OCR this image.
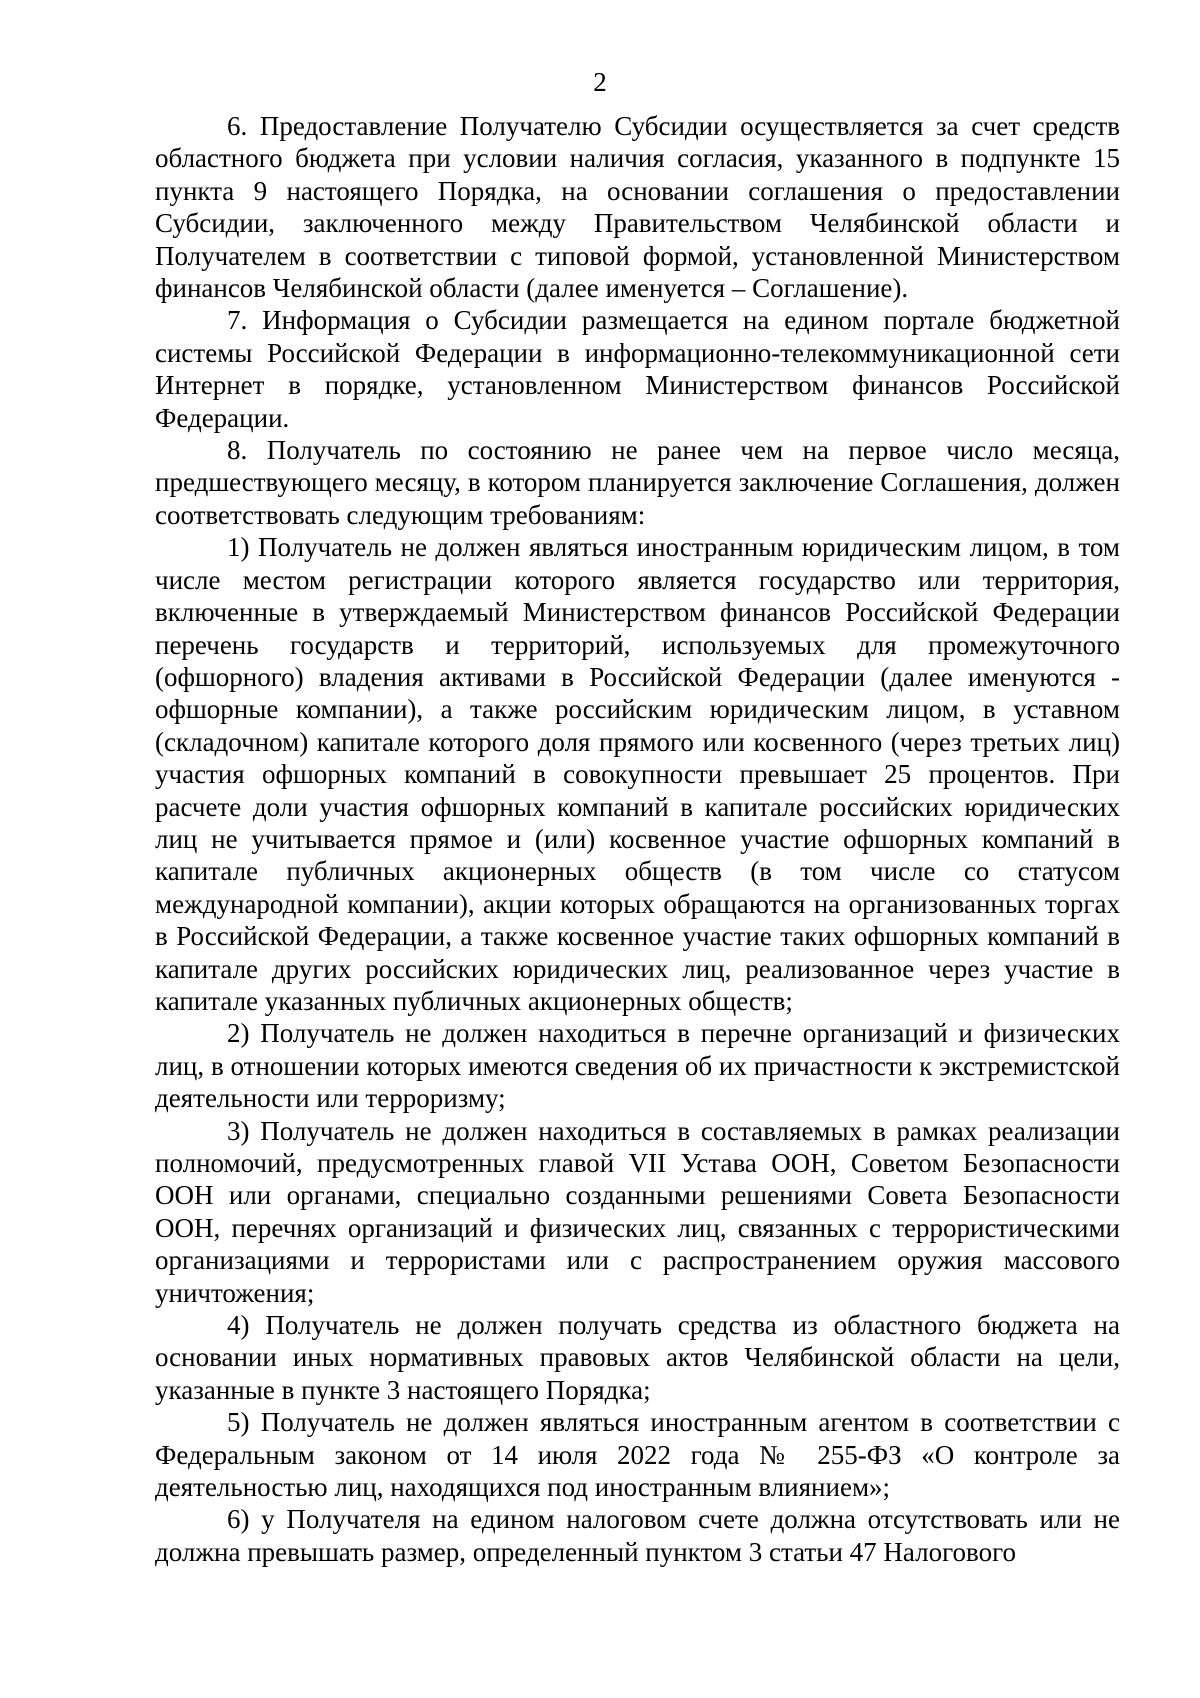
2

6. Предоставление Получателю Субсидии осуществляется за счет средств областного бюджета при условии наличия согласия, указанного в подпункте 15 пункта 9 настоящего Порядка, на основании соглашения о предоставлении Субсидии, заключенного между Правительством Челябинской области и Получателем в соответствии с типовой формой, установленной Министерством финансов Челябинской области (далее именуется – Соглашение).

7. Информация о Субсидии размещается на едином портале бюджетной системы Российской Федерации в информационно-телекоммуникационной сети Интернет в порядке, установленном Министерством финансов Российской Федерации.

8. Получатель по состоянию не ранее чем на первое число месяца, предшествующего месяцу, в котором планируется заключение Соглашения, должен соответствовать следующим требованиям:

1) Получатель не должен являться иностранным юридическим лицом, в том числе местом регистрации которого является государство или территория, включенные в утверждаемый Министерством финансов Российской Федерации перечень государств и территорий, используемых для промежуточного (офшорного) владения активами в Российской Федерации (далее именуются - офшорные компании), а также российским юридическим лицом, в уставном (складочном) капитале которого доля прямого или косвенного (через третьих лиц) участия офшорных компаний в совокупности превышает 25 процентов. При расчете доли участия офшорных компаний в капитале российских юридических лиц не учитывается прямое и (или) косвенное участие офшорных компаний в капитале публичных акционерных обществ (в том числе со статусом международной компании), акции которых обращаются на организованных торгах в Российской Федерации, а также косвенное участие таких офшорных компаний в капитале других российских юридических лиц, реализованное через участие в капитале указанных публичных акционерных обществ;

2) Получатель не должен находиться в перечне организаций и физических лиц, в отношении которых имеются сведения об их причастности к экстремистской деятельности или терроризму;

3) Получатель не должен находиться в составляемых в рамках реализации полномочий, предусмотренных главой VII Устава ООН, Советом Безопасности ООН или органами, специально созданными решениями Совета Безопасности ООН, перечнях организаций и физических лиц, связанных с террористическими организациями и террористами или с распространением оружия массового уничтожения;

4) Получатель не должен получать средства из областного бюджета на основании иных нормативных правовых актов Челябинской области на цели, указанные в пункте 3 настоящего Порядка;

5) Получатель не должен являться иностранным агентом в соответствии с Федеральным законом от 14 июля 2022 года № 255-ФЗ «О контроле за деятельностью лиц, находящихся под иностранным влиянием»;

6) у Получателя на едином налоговом счете должна отсутствовать или не должна превышать размер, определенный пунктом 3 статьи 47 Налогового
